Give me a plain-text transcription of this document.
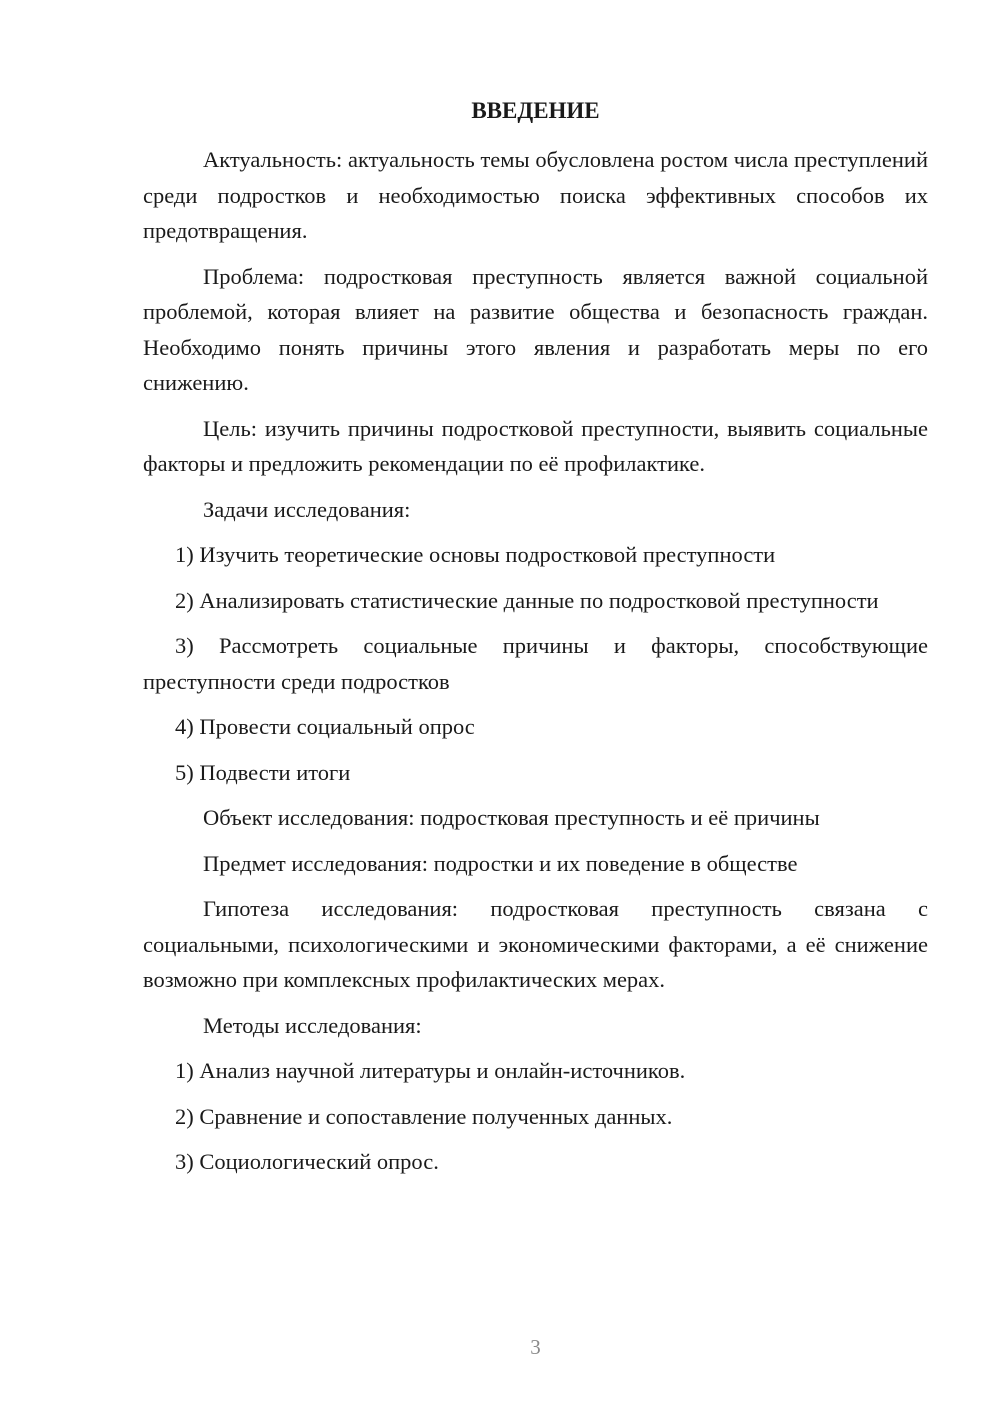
ВВЕДЕНИЕ

Актуальность: актуальность темы обусловлена ростом числа преступлений среди подростков и необходимостью поиска эффективных способов их предотвращения.

Проблема: подростковая преступность является важной социальной проблемой, которая влияет на развитие общества и безопасность граждан. Необходимо понять причины этого явления и разработать меры по его снижению.

Цель: изучить причины подростковой преступности, выявить социальные факторы и предложить рекомендации по её профилактике.

Задачи исследования:

1) Изучить теоретические основы подростковой преступности

2) Анализировать статистические данные по подростковой преступности

3) Рассмотреть социальные причины и факторы, способствующие преступности среди подростков

4) Провести социальный опрос

5) Подвести итоги

Объект исследования: подростковая преступность и её причины

Предмет исследования: подростки и их поведение в обществе

Гипотеза исследования: подростковая преступность связана с социальными, психологическими и экономическими факторами, а её снижение возможно при комплексных профилактических мерах.

Методы исследования:

1) Анализ научной литературы и онлайн-источников.

2) Сравнение и сопоставление полученных данных.

3) Социологический опрос.

3
